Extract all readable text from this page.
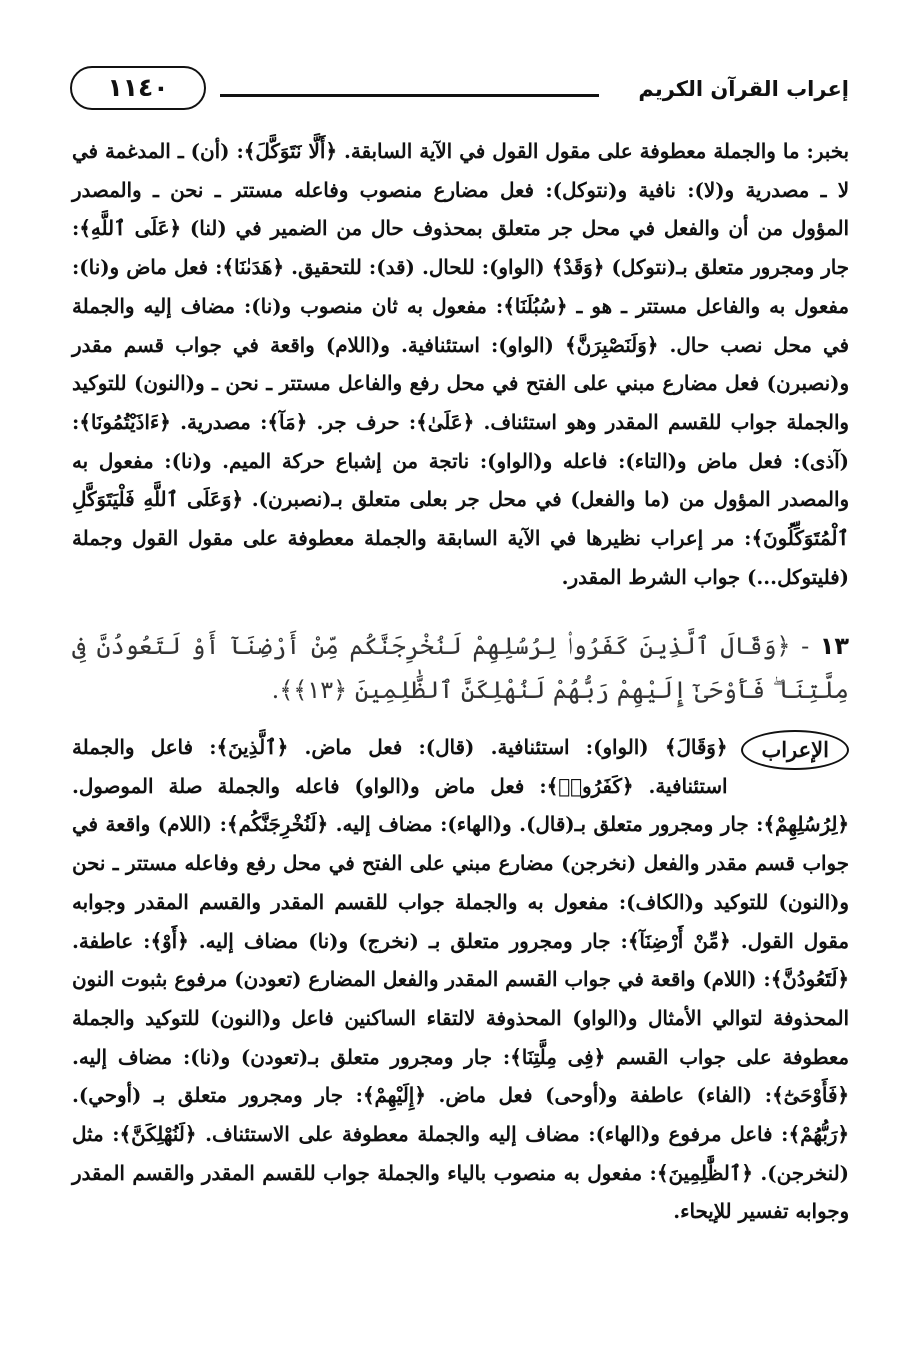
إعراب القرآن الكريم
١١٤٠

بخبر: ما والجملة معطوفة على مقول القول في الآية السابقة. ﴿أَلَّا نَتَوَكَّلَ﴾: (أن) ـ المدغمة في لا ـ مصدرية و(لا): نافية و(نتوكل): فعل مضارع منصوب وفاعله مستتر ـ نحن ـ والمصدر المؤول من أن والفعل في محل جر متعلق بمحذوف حال من الضمير في (لنا) ﴿عَلَى ٱللَّهِ﴾: جار ومجرور متعلق بـ(نتوكل) ﴿وَقَدْ﴾ (الواو): للحال. (قد): للتحقيق. ﴿هَدَىٰنَا﴾: فعل ماض و(نا): مفعول به والفاعل مستتر ـ هو ـ ﴿سُبُلَنَا﴾: مفعول به ثان منصوب و(نا): مضاف إليه والجملة في محل نصب حال. ﴿وَلَنَصْبِرَنَّ﴾ (الواو): استئنافية. و(اللام) واقعة في جواب قسم مقدر و(نصبرن) فعل مضارع مبني على الفتح في محل رفع والفاعل مستتر ـ نحن ـ و(النون) للتوكيد والجملة جواب للقسم المقدر وهو استئناف. ﴿عَلَىٰ﴾: حرف جر. ﴿مَآ﴾: مصدرية. ﴿ءَاذَيْتُمُونَا﴾: (آذى): فعل ماض و(التاء): فاعله و(الواو): ناتجة من إشباع حركة الميم. و(نا): مفعول به والمصدر المؤول من (ما والفعل) في محل جر بعلى متعلق بـ(نصبرن). ﴿وَعَلَى ٱللَّهِ فَلْيَتَوَكَّلِ ٱلْمُتَوَكِّلُونَ﴾: مر إعراب نظيرها في الآية السابقة والجملة معطوفة على مقول القول وجملة (فليتوكل...) جواب الشرط المقدر.

١٣ - ﴿وَقَالَ ٱلَّذِينَ كَفَرُوا۟ لِرُسُلِهِمْ لَنُخْرِجَنَّكُم مِّنْ أَرْضِنَآ أَوْ لَتَعُودُنَّ فِى مِلَّتِنَا ۖ فَأَوْحَىٰٓ إِلَيْهِمْ رَبُّهُمْ لَنُهْلِكَنَّ ٱلظَّٰلِمِينَ ﴿١٣﴾﴾.

الإعراب
﴿وَقَالَ﴾ (الواو): استئنافية. (قال): فعل ماض. ﴿ٱلَّذِينَ﴾: فاعل والجملة استئنافية. ﴿كَفَرُوا۟﴾: فعل ماض و(الواو) فاعله والجملة صلة الموصول. ﴿لِرُسُلِهِمْ﴾: جار ومجرور متعلق بـ(قال). و(الهاء): مضاف إليه. ﴿لَنُخْرِجَنَّكُم﴾: (اللام) واقعة في جواب قسم مقدر والفعل (نخرجن) مضارع مبني على الفتح في محل رفع وفاعله مستتر ـ نحن و(النون) للتوكيد و(الكاف): مفعول به والجملة جواب للقسم المقدر والقسم المقدر وجوابه مقول القول. ﴿مِّنْ أَرْضِنَآ﴾: جار ومجرور متعلق بـ (نخرج) و(نا) مضاف إليه. ﴿أَوْ﴾: عاطفة. ﴿لَتَعُودُنَّ﴾: (اللام) واقعة في جواب القسم المقدر والفعل المضارع (تعودن) مرفوع بثبوت النون المحذوفة لتوالي الأمثال و(الواو) المحذوفة لالتقاء الساكنين فاعل و(النون) للتوكيد والجملة معطوفة على جواب القسم ﴿فِى مِلَّتِنَا﴾: جار ومجرور متعلق بـ(تعودن) و(نا): مضاف إليه. ﴿فَأَوْحَىٰٓ﴾: (الفاء) عاطفة و(أوحى) فعل ماض. ﴿إِلَيْهِمْ﴾: جار ومجرور متعلق بـ (أوحي). ﴿رَبُّهُمْ﴾: فاعل مرفوع و(الهاء): مضاف إليه والجملة معطوفة على الاستئناف. ﴿لَنُهْلِكَنَّ﴾: مثل (لنخرجن). ﴿ٱلظَّٰلِمِينَ﴾: مفعول به منصوب بالياء والجملة جواب للقسم المقدر والقسم المقدر وجوابه تفسير للإيحاء.
